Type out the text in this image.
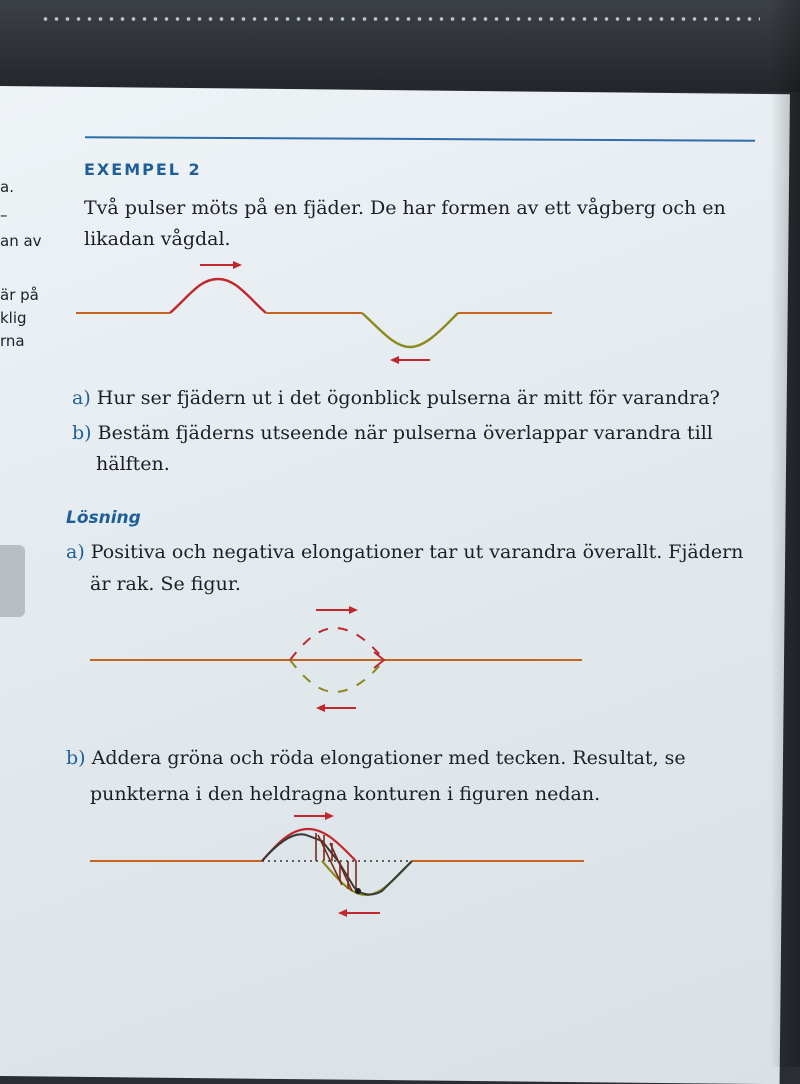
a.
–
an av
är på
klig
rna
EXEMPEL 2
Två pulser möts på en fjäder. De har formen av ett vågberg och en
likadan vågdal.
a) Hur ser fjädern ut i det ögonblick pulserna är mitt för varandra?
b) Bestäm fjäderns utseende när pulserna överlappar varandra till
hälften.
Lösning
a) Positiva och negativa elongationer tar ut varandra överallt. Fjädern
är rak. Se figur.
b) Addera gröna och röda elongationer med tecken. Resultat, se
punkterna i den heldragna konturen i figuren nedan.
